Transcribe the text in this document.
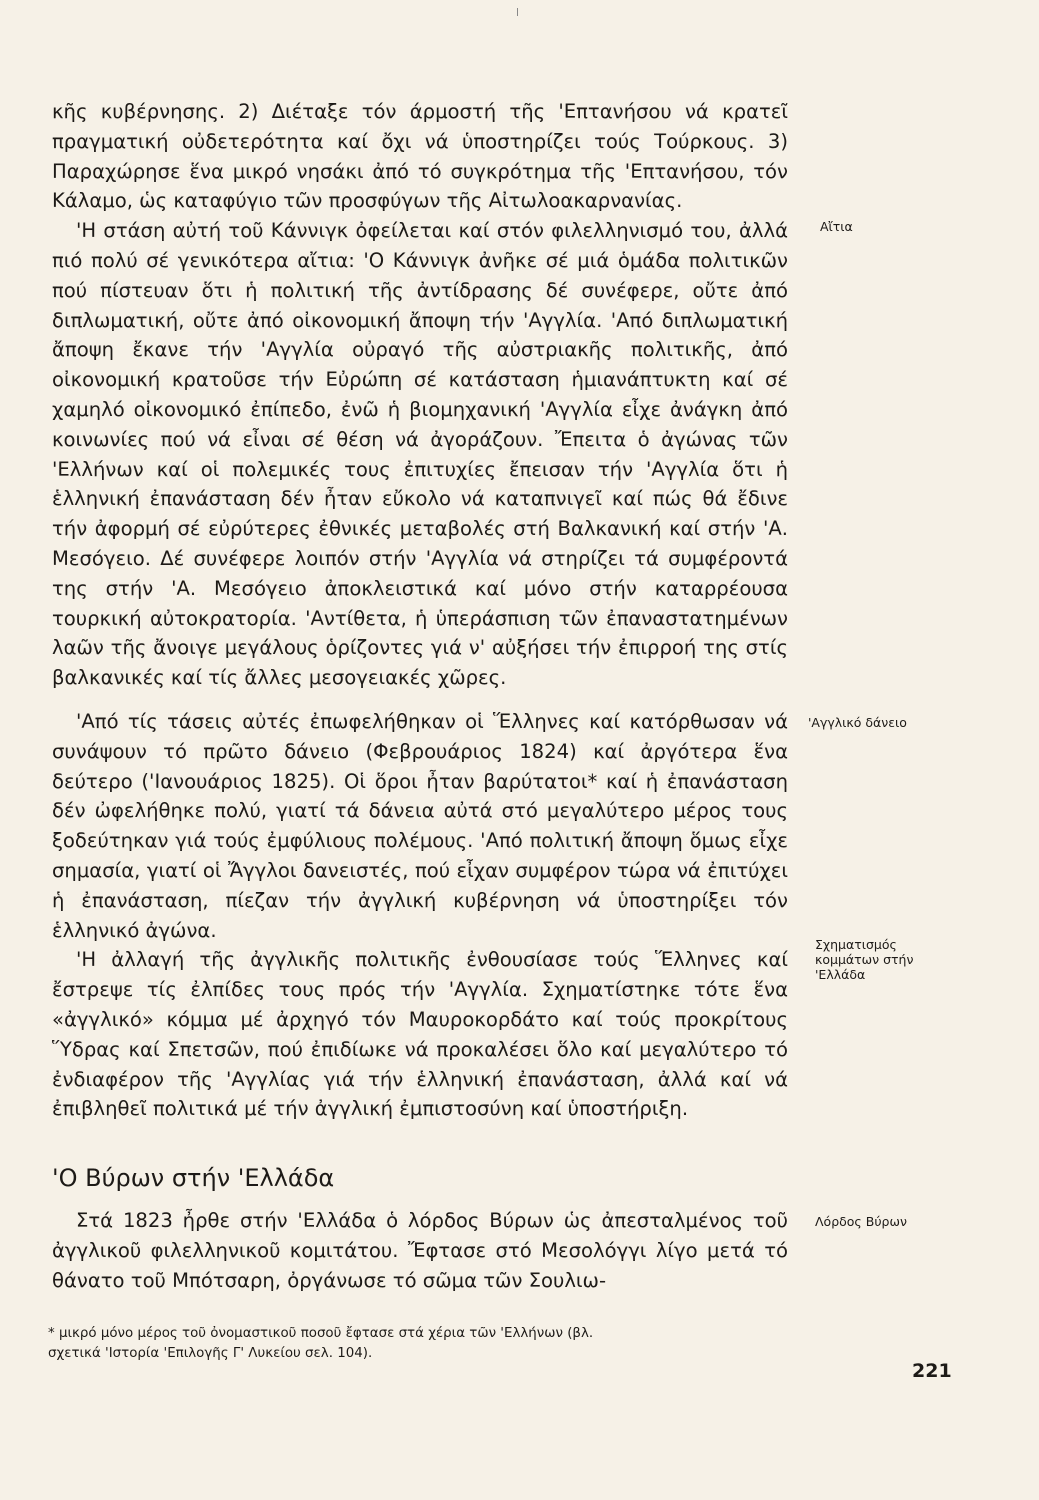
κῆς κυβέρνησης. 2) Διέταξε τόν άρμοστή τῆς 'Επτανήσου νά κρατεῖ πραγματική οὐδετερότητα καί ὄχι νά ὑποστηρίζει τούς Τούρκους. 3) Παραχώρησε ἕνα μικρό νησάκι ἀπό τό συγκρότημα τῆς 'Επτανήσου, τόν Κάλαμο, ὡς καταφύγιο τῶν προσφύγων τῆς Αἰτωλοακαρνανίας.

'Η στάση αὐτή τοῦ Κάννιγκ ὀφείλεται καί στόν φιλελληνισμό του, ἀλλά πιό πολύ σέ γενικότερα αἴτια: 'Ο Κάννιγκ ἀνῆκε σέ μιά ὁμάδα πολιτικῶν πού πίστευαν ὅτι ἡ πολιτική τῆς ἀντίδρασης δέ συνέφερε, οὔτε ἀπό διπλωματική, οὔτε ἀπό οἰκονομική ἄποψη τήν 'Αγγλία. 'Από διπλωματική ἄποψη ἔκανε τήν 'Αγγλία οὐραγό τῆς αὐστριακῆς πολιτικῆς, ἀπό οἰκονομική κρατοῦσε τήν Εὐρώπη σέ κατάσταση ἡμιανάπτυκτη καί σέ χαμηλό οἰκονομικό ἐπίπεδο, ἐνῶ ἡ βιομηχανική 'Αγγλία εἶχε ἀνάγκη ἀπό κοινωνίες πού νά εἶναι σέ θέση νά ἀγοράζουν. Ἔπειτα ὁ ἀγώνας τῶν 'Ελλήνων καί οἱ πολεμικές τους ἐπιτυχίες ἔπεισαν τήν 'Αγγλία ὅτι ἡ ἑλληνική ἐπανάσταση δέν ἦταν εὔκολο νά καταπνιγεῖ καί πώς θά ἔδινε τήν ἀφορμή σέ εὐρύτερες ἐθνικές μεταβολές στή Βαλκανική καί στήν 'Α. Μεσόγειο. Δέ συνέφερε λοιπόν στήν 'Αγγλία νά στηρίζει τά συμφέροντά της στήν 'Α. Μεσόγειο ἀποκλειστικά καί μόνο στήν καταρρέουσα τουρκική αὐτοκρατορία. 'Αντίθετα, ἡ ὑπεράσπιση τῶν ἐπαναστατημένων λαῶν τῆς ἄνοιγε μεγάλους ὁρίζοντες γιά ν' αὐξήσει τήν ἐπιρροή της στίς βαλκανικές καί τίς ἄλλες μεσογειακές χῶρες.

'Από τίς τάσεις αὐτές ἐπωφελήθηκαν οἱ Ἕλληνες καί κατόρθωσαν νά συνάψουν τό πρῶτο δάνειο (Φεβρουάριος 1824) καί ἀργότερα ἕνα δεύτερο ('Ιανουάριος 1825). Οἱ ὅροι ἦταν βαρύτατοι* καί ἡ ἐπανάσταση δέν ὠφελήθηκε πολύ, γιατί τά δάνεια αὐτά στό μεγαλύτερο μέρος τους ξοδεύτηκαν γιά τούς ἐμφύλιους πολέμους. 'Από πολιτική ἄποψη ὅμως εἶχε σημασία, γιατί οἱ Ἄγγλοι δανειστές, πού εἶχαν συμφέρον τώρα νά ἐπιτύχει ἡ ἐπανάσταση, πίεζαν τήν ἀγγλική κυβέρνηση νά ὑποστηρίξει τόν ἑλληνικό ἀγώνα.

'Η ἀλλαγή τῆς ἀγγλικῆς πολιτικῆς ἐνθουσίασε τούς Ἕλληνες καί ἔστρεψε τίς ἐλπίδες τους πρός τήν 'Αγγλία. Σχηματίστηκε τότε ἕνα «ἀγγλικό» κόμμα μέ ἀρχηγό τόν Μαυροκορδάτο καί τούς προκρίτους Ὕδρας καί Σπετσῶν, πού ἐπιδίωκε νά προκαλέσει ὅλο καί μεγαλύτερο τό ἐνδιαφέρον τῆς 'Αγγλίας γιά τήν ἑλληνική ἐπανάσταση, ἀλλά καί νά ἐπιβληθεῖ πολιτικά μέ τήν ἀγγλική ἐμπιστοσύνη καί ὑποστήριξη.

'Ο Βύρων στήν 'Ελλάδα

Στά 1823 ἦρθε στήν 'Ελλάδα ὁ λόρδος Βύρων ὡς ἀπεσταλμένος τοῦ ἀγγλικοῦ φιλελληνικοῦ κομιτάτου. Ἔφτασε στό Μεσολόγγι λίγο μετά τό θάνατο τοῦ Μπότσαρη, ὀργάνωσε τό σῶμα τῶν Σουλιω-

Αἴτια
'Αγγλικό δάνειο
Σχηματισμός κομμάτων στήν 'Ελλάδα
Λόρδος Βύρων

* μικρό μόνο μέρος τοῦ ὀνομαστικοῦ ποσοῦ ἔφτασε στά χέρια τῶν 'Ελλήνων (βλ.

σχετικά 'Ιστορία 'Επιλογῆς Γ' Λυκείου σελ. 104).

221
